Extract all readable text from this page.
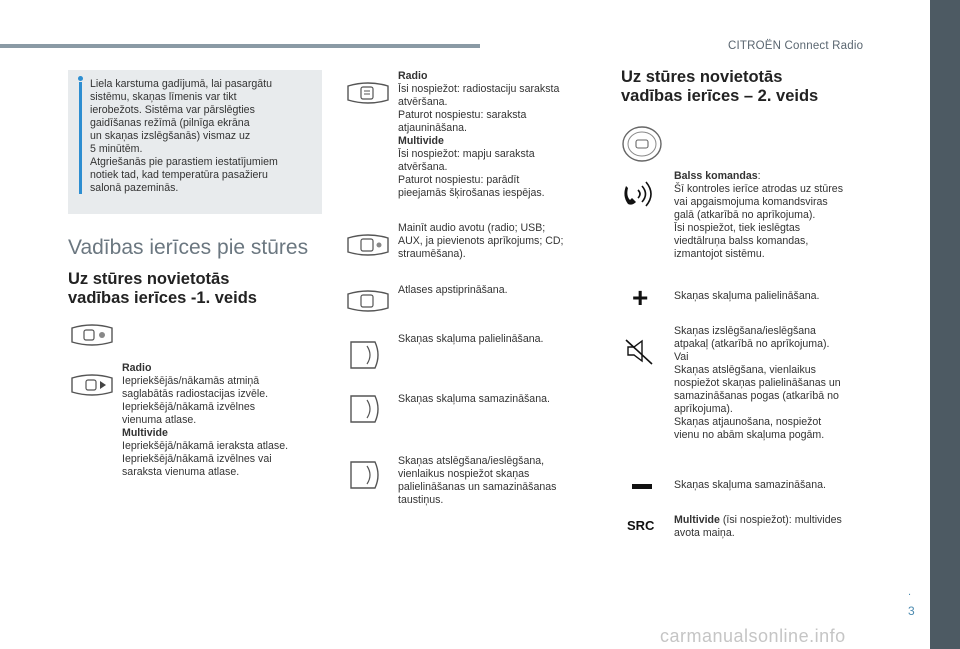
CITROËN Connect Radio
.
3
carmanualsonline.info

Liela karstuma gadījumā, lai pasargātu
sistēmu, skaņas līmenis var tikt
ierobežots. Sistēma var pārslēgties
gaidīšanas režīmā (pilnīga ekrāna
un skaņas izslēgšanās) vismaz uz
5 minūtēm.
Atgriešanās pie parastiem iestatījumiem
notiek tad, kad temperatūra pasažieru
salonā pazeminās.

Vadības ierīces pie stūres
Uz stūres novietotās
vadības ierīces -1. veids
Radio
Iepriekšējās/nākamās atmiņā
saglabātās radiostacijas izvēle.
Iepriekšējā/nākamā izvēlnes
vienuma atlase.
Multivide
Iepriekšējā/nākamā ieraksta atlase.
Iepriekšējā/nākamā izvēlnes vai
saraksta vienuma atlase.
Radio
Īsi nospiežot: radiostaciju saraksta
atvēršana.
Paturot nospiestu: saraksta
atjaunināšana.
Multivide
Īsi nospiežot: mapju saraksta
atvēršana.
Paturot nospiestu: parādīt
pieejamās šķirošanas iespējas.
Mainīt audio avotu (radio; USB;
AUX, ja pievienots aprīkojums; CD;
straumēšana).
Atlases apstiprināšana.
Skaņas skaļuma palielināšana.
Skaņas skaļuma samazināšana.
Skaņas atslēgšana/ieslēgšana,
vienlaikus nospiežot skaņas
palielināšanas un samazināšanas
taustiņus.
Uz stūres novietotās
vadības ierīces – 2. veids
Balss komandas:
Šī kontroles ierīce atrodas uz stūres
vai apgaismojuma komandsviras
galā (atkarībā no aprīkojuma).
Īsi nospiežot, tiek ieslēgtas
viedtālruņa balss komandas,
izmantojot sistēmu.
+ Skaņas skaļuma palielināšana.
Skaņas izslēgšana/ieslēgšana
atpakaļ (atkarībā no aprīkojuma).
Vai
Skaņas atslēgšana, vienlaikus
nospiežot skaņas palielināšanas un
samazināšanas pogas (atkarībā no
aprīkojuma).
Skaņas atjaunošana, nospiežot
vienu no abām skaļuma pogām.
Skaņas skaļuma samazināšana.
SRC Multivide (īsi nospiežot): multivides
avota maiņa.
